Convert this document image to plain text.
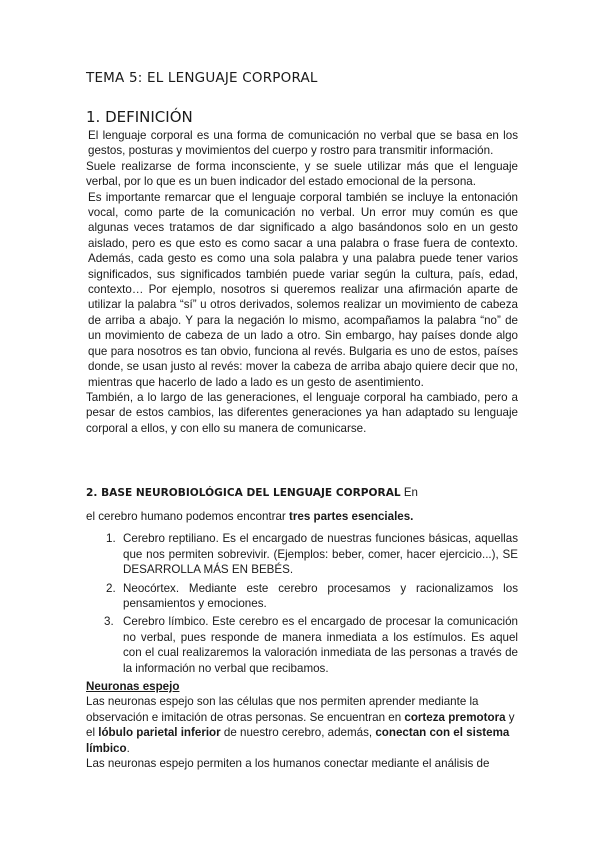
TEMA 5: EL LENGUAJE CORPORAL
1. DEFINICIÓN

El lenguaje corporal es una forma de comunicación no verbal que se basa en los gestos, posturas y movimientos del cuerpo y rostro para transmitir información.

Suele realizarse de forma inconsciente, y se suele utilizar más que el lenguaje verbal, por lo que es un buen indicador del estado emocional de la persona.

Es importante remarcar que el lenguaje corporal también se incluye la entonación vocal, como parte de la comunicación no verbal. Un error muy común es que algunas veces tratamos de dar significado a algo basándonos solo en un gesto aislado, pero es que esto es como sacar a una palabra o frase fuera de contexto. Además, cada gesto es como una sola palabra y una palabra puede tener varios significados, sus significados también puede variar según la cultura, país, edad, contexto… Por ejemplo, nosotros si queremos realizar una afirmación aparte de utilizar la palabra “sí” u otros derivados, solemos realizar un movimiento de cabeza de arriba a abajo. Y para la negación lo mismo, acompañamos la palabra “no” de un movimiento de cabeza de un lado a otro. Sin embargo, hay países donde algo que para nosotros es tan obvio, funciona al revés. Bulgaria es uno de estos, países donde, se usan justo al revés: mover la cabeza de arriba abajo quiere decir que no, mientras que hacerlo de lado a lado es un gesto de asentimiento.

También, a lo largo de las generaciones, el lenguaje corporal ha cambiado, pero a pesar de estos cambios, las diferentes generaciones ya han adaptado su lenguaje corporal a ellos, y con ello su manera de comunicarse.

2. BASE NEUROBIOLÓGICA DEL LENGUAJE CORPORAL En

el cerebro humano podemos encontrar tres partes esenciales.

1. Cerebro reptiliano. Es el encargado de nuestras funciones básicas, aquellas que nos permiten sobrevivir. (Ejemplos: beber, comer, hacer ejercicio...), SE DESARROLLA MÁS EN BEBÉS.
2. Neocórtex. Mediante este cerebro procesamos y racionalizamos los pensamientos y emociones.
3. Cerebro límbico. Este cerebro es el encargado de procesar la comunicación no verbal, pues responde de manera inmediata a los estímulos. Es aquel con el cual realizaremos la valoración inmediata de las personas a través de la información no verbal que recibamos.

Neuronas espejo

Las neuronas espejo son las células que nos permiten aprender mediante la observación e imitación de otras personas. Se encuentran en corteza premotora y el lóbulo parietal inferior de nuestro cerebro, además, conectan con el sistema límbico.

Las neuronas espejo permiten a los humanos conectar mediante el análisis de
